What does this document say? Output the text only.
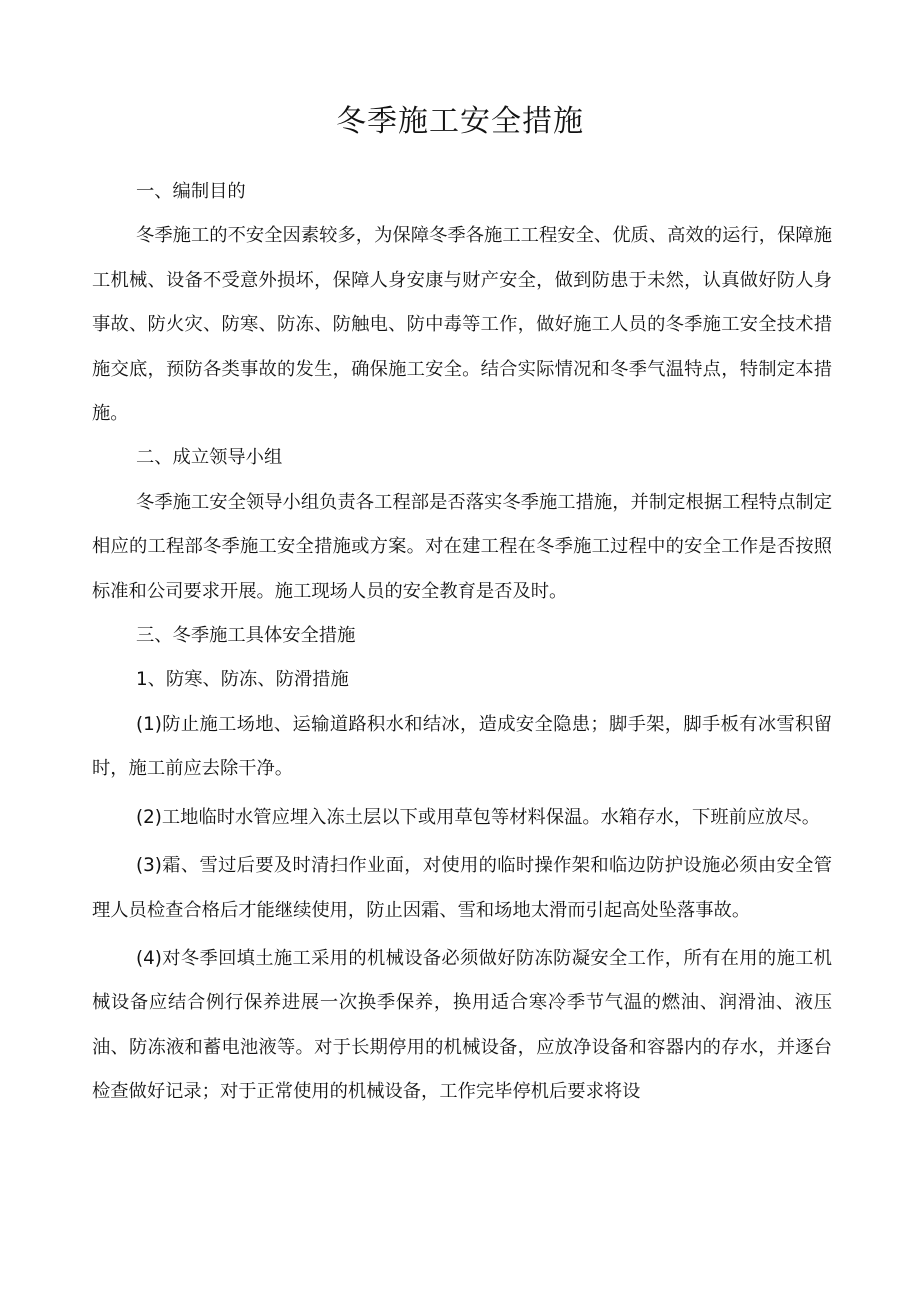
冬季施工安全措施

一、编制目的

冬季施工的不安全因素较多，为保障冬季各施工工程安全、优质、高效的运行，保障施工机械、设备不受意外损坏，保障人身安康与财产安全，做到防患于未然，认真做好防人身事故、防火灾、防寒、防冻、防触电、防中毒等工作，做好施工人员的冬季施工安全技术措施交底，预防各类事故的发生，确保施工安全。结合实际情况和冬季气温特点，特制定本措施。

二、成立领导小组

冬季施工安全领导小组负责各工程部是否落实冬季施工措施，并制定根据工程特点制定相应的工程部冬季施工安全措施或方案。对在建工程在冬季施工过程中的安全工作是否按照标准和公司要求开展。施工现场人员的安全教育是否及时。

三、冬季施工具体安全措施

1、防寒、防冻、防滑措施

(1)防止施工场地、运输道路积水和结冰，造成安全隐患；脚手架，脚手板有冰雪积留时，施工前应去除干净。

(2)工地临时水管应埋入冻土层以下或用草包等材料保温。水箱存水，下班前应放尽。

(3)霜、雪过后要及时清扫作业面，对使用的临时操作架和临边防护设施必须由安全管理人员检查合格后才能继续使用，防止因霜、雪和场地太滑而引起高处坠落事故。

(4)对冬季回填土施工采用的机械设备必须做好防冻防凝安全工作，所有在用的施工机械设备应结合例行保养进展一次换季保养，换用适合寒冷季节气温的燃油、润滑油、液压油、防冻液和蓄电池液等。对于长期停用的机械设备，应放净设备和容器内的存水，并逐台检查做好记录；对于正常使用的机械设备，工作完毕停机后要求将设
